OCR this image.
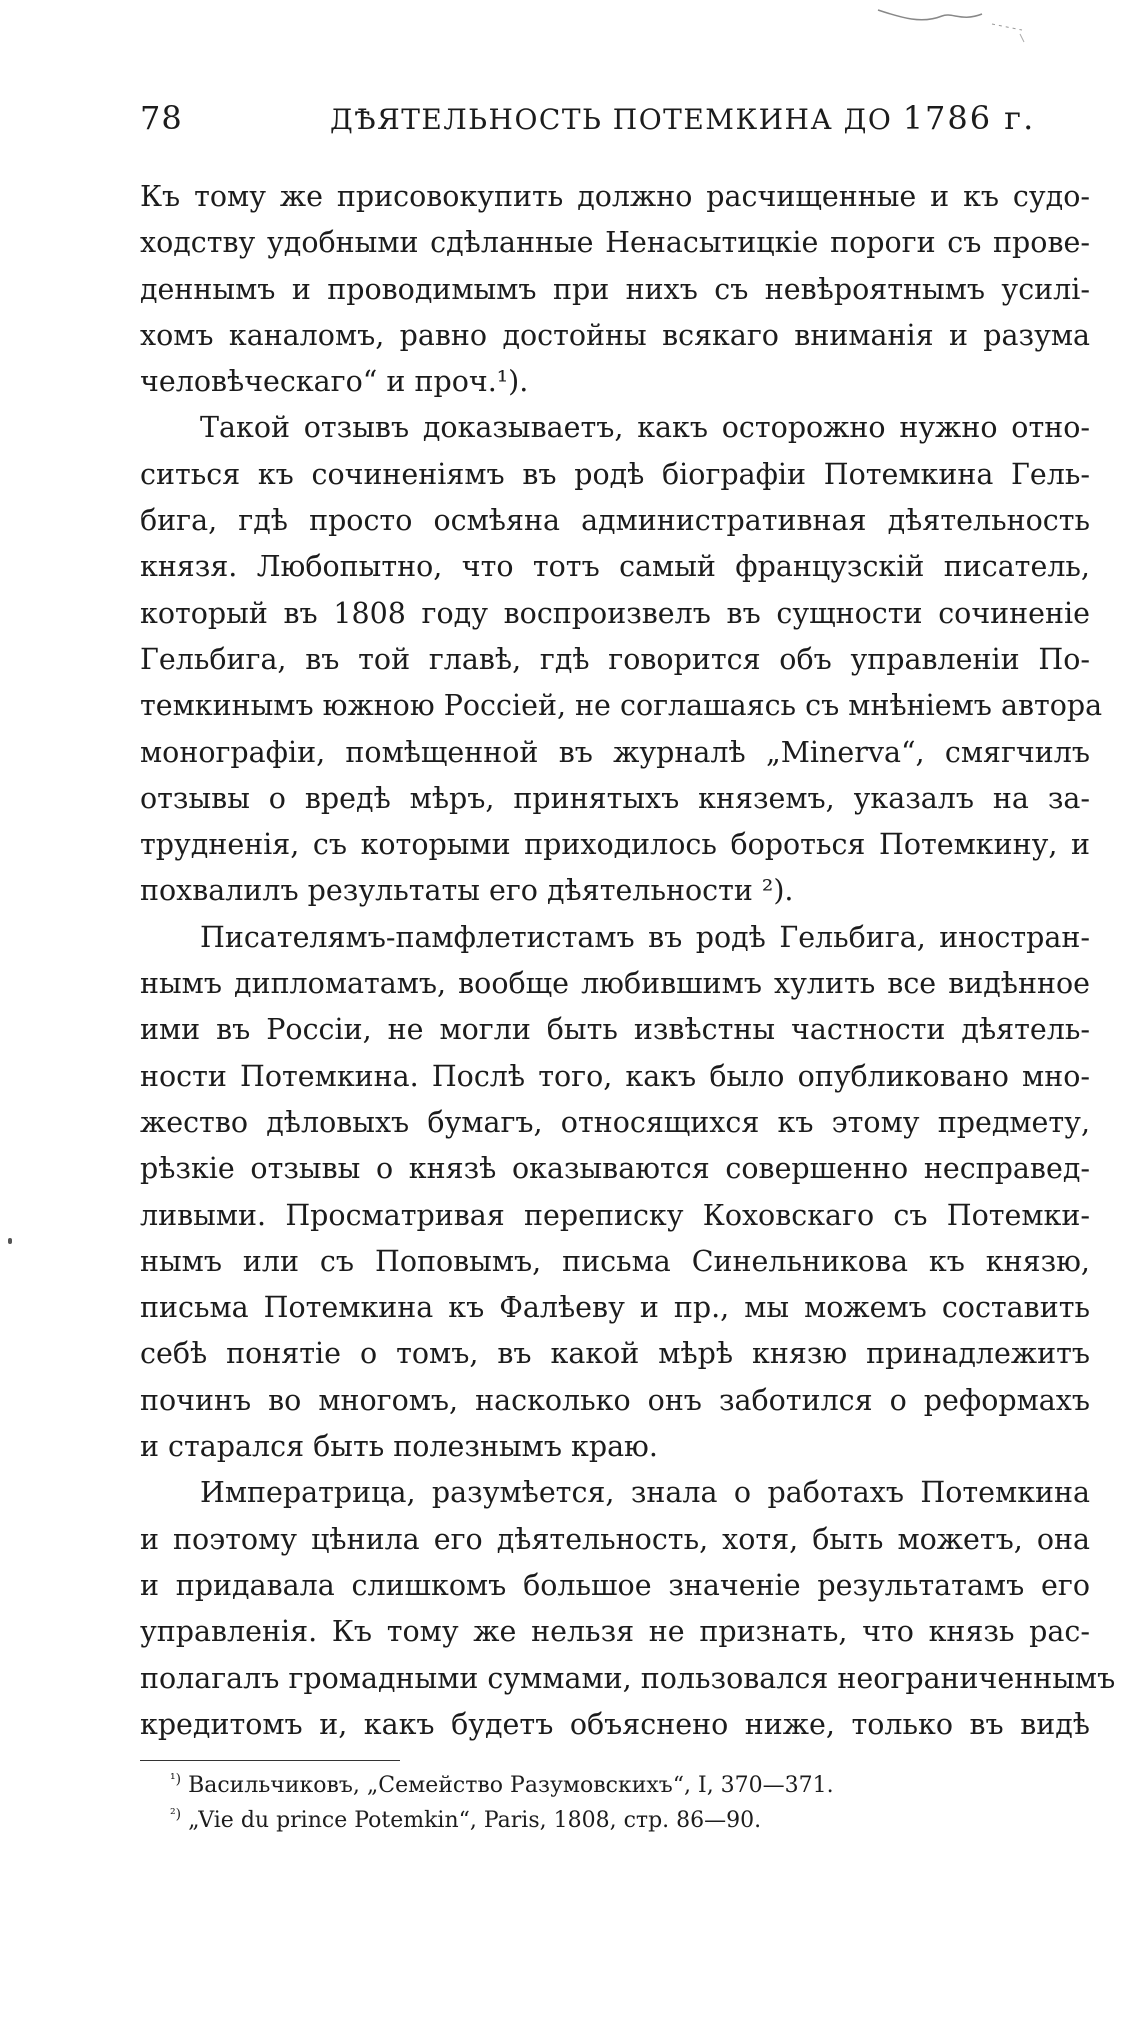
78	ДѢЯТЕЛЬНОСТЬ ПОТЕМКИНА ДО 1786 г.
Къ тому же присовокупить должно расчищенные и къ судо-
ходству удобными сдѣланные Ненасытицкіе пороги съ прове-
деннымъ и проводимымъ при нихъ съ невѣроятнымъ усилі-
хомъ каналомъ, равно достойны всякаго вниманія и разума
человѣческаго“ и проч.¹).
Такой отзывъ доказываетъ, какъ осторожно нужно отно-
ситься къ сочиненіямъ въ родѣ біографіи Потемкина Гель-
бига, гдѣ просто осмѣяна административная дѣятельность
князя. Любопытно, что тотъ самый французскій писатель,
который въ 1808 году воспроизвелъ въ сущности сочиненіе
Гельбига, въ той главѣ, гдѣ говорится объ управленіи По-
темкинымъ южною Россіей, не соглашаясь съ мнѣніемъ автора
монографіи, помѣщенной въ журналѣ „Minerva“, смягчилъ
отзывы о вредѣ мѣръ, принятыхъ княземъ, указалъ на за-
трудненія, съ которыми приходилось бороться Потемкину, и
похвалилъ результаты его дѣятельности ²).
Писателямъ-памфлетистамъ въ родѣ Гельбига, иностран-
нымъ дипломатамъ, вообще любившимъ хулить все видѣнное
ими въ Россіи, не могли быть извѣстны частности дѣятель-
ности Потемкина. Послѣ того, какъ было опубликовано мно-
жество дѣловыхъ бумагъ, относящихся къ этому предмету,
рѣзкіе отзывы о князѣ оказываются совершенно несправед-
ливыми. Просматривая переписку Коховскаго съ Потемки-
нымъ или съ Поповымъ, письма Синельникова къ князю,
письма Потемкина къ Фалѣеву и пр., мы можемъ составить
себѣ понятіе о томъ, въ какой мѣрѣ князю принадлежитъ
починъ во многомъ, насколько онъ заботился о реформахъ
и старался быть полезнымъ краю.
Императрица, разумѣется, знала о работахъ Потемкина
и поэтому цѣнила его дѣятельность, хотя, быть можетъ, она
и придавала слишкомъ большое значеніе результатамъ его
управленія. Къ тому же нельзя не признать, что князь рас-
полагалъ громадными суммами, пользовался неограниченнымъ
кредитомъ и, какъ будетъ объяснено ниже, только въ видѣ
$^{^1)}$ Васильчиковъ, „Семейство Разумовскихъ“, I, 370—371.
$^{^2)}$ „Vie du prince Potemkin“, Paris, 1808, стр. 86—90.
